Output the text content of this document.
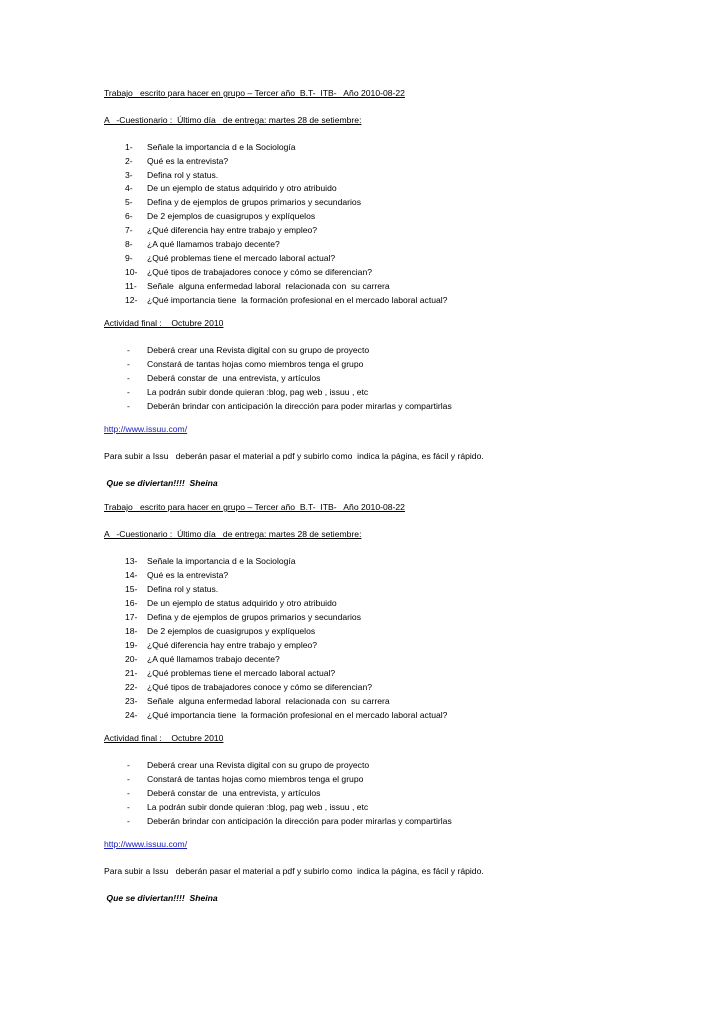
Trabajo   escrito para hacer en grupo – Tercer año  B.T-  ITB-   Año 2010-08-22
A   -Cuestionario :  Último día   de entrega: martes 28 de setiembre:
1- Señale la importancia d e la Sociología
2- Qué es la entrevista?
3- Defina rol y status.
4- De un ejemplo de status adquirido y otro atribuido
5- Defina y de ejemplos de grupos primarios y secundarios
6- De 2 ejemplos de cuasigrupos y explíquelos
7- ¿Qué diferencia hay entre trabajo y empleo?
8- ¿A qué llamamos trabajo decente?
9- ¿Qué problemas tiene el mercado laboral actual?
10- ¿Qué tipos de trabajadores conoce y cómo se diferencian?
11- Señale  alguna enfermedad laboral  relacionada con  su carrera
12- ¿Qué importancia tiene  la formación profesional en el mercado laboral actual?
Actividad final :    Octubre 2010
- Deberá crear una Revista digital con su grupo de proyecto
- Constará de tantas hojas como miembros tenga el grupo
- Deberá constar de  una entrevista, y artículos
- La podrán subir donde quieran :blog, pag web , issuu , etc
- Deberán brindar con anticipación la dirección para poder mirarlas y compartirlas
http://www.issuu.com/
Para subir a Issu   deberán pasar el material a pdf y subirlo como  indica la página, es fácil y rápido.
Que se diviertan!!!!  Sheina
Trabajo   escrito para hacer en grupo – Tercer año  B.T-  ITB-   Año 2010-08-22
A   -Cuestionario :  Último día   de entrega: martes 28 de setiembre:
13- Señale la importancia d e la Sociología
14- Qué es la entrevista?
15- Defina rol y status.
16- De un ejemplo de status adquirido y otro atribuido
17- Defina y de ejemplos de grupos primarios y secundarios
18- De 2 ejemplos de cuasigrupos y explíquelos
19- ¿Qué diferencia hay entre trabajo y empleo?
20- ¿A qué llamamos trabajo decente?
21- ¿Qué problemas tiene el mercado laboral actual?
22- ¿Qué tipos de trabajadores conoce y cómo se diferencian?
23- Señale  alguna enfermedad laboral  relacionada con  su carrera
24- ¿Qué importancia tiene  la formación profesional en el mercado laboral actual?
Actividad final :    Octubre 2010
- Deberá crear una Revista digital con su grupo de proyecto
- Constará de tantas hojas como miembros tenga el grupo
- Deberá constar de  una entrevista, y artículos
- La podrán subir donde quieran :blog, pag web , issuu , etc
- Deberán brindar con anticipación la dirección para poder mirarlas y compartirlas
http://www.issuu.com/
Para subir a Issu   deberán pasar el material a pdf y subirlo como  indica la página, es fácil y rápido.
Que se diviertan!!!!  Sheina
